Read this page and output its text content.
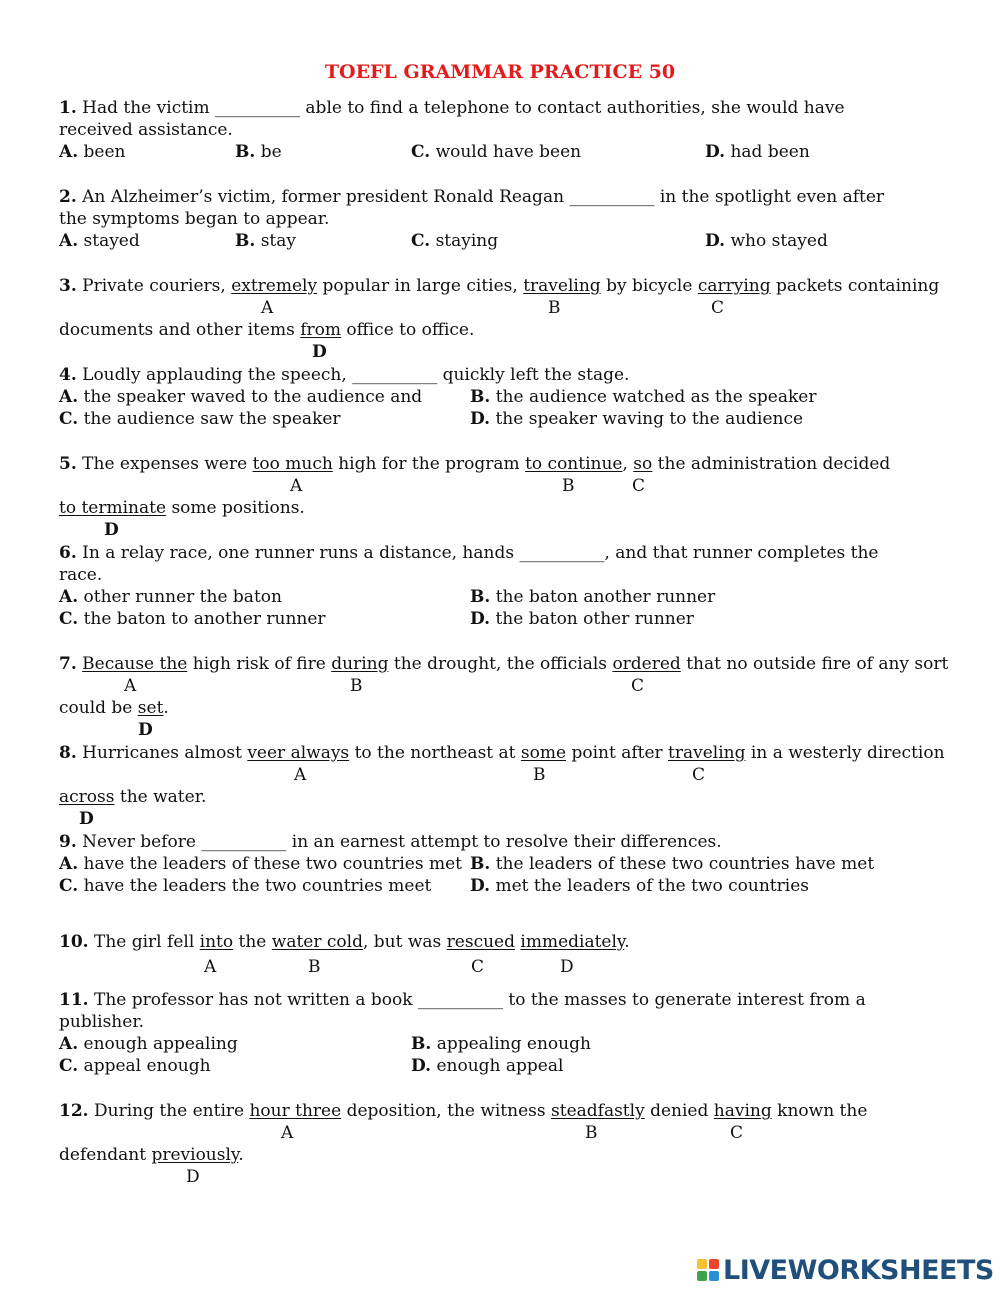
TOEFL GRAMMAR PRACTICE 50
1. Had the victim __________ able to find a telephone to contact authorities, she would have
received assistance.
A. been	B. be	C. would have been	D. had been
2. An Alzheimer’s victim, former president Ronald Reagan __________ in the spotlight even after
the symptoms began to appear.
A. stayed	B. stay	C. staying	D. who stayed
3. Private couriers, extremely popular in large cities, traveling by bicycle carrying packets containing
A	B	C
documents and other items from office to office.
D
4. Loudly applauding the speech, __________ quickly left the stage.
A. the speaker waved to the audience and	B. the audience watched as the speaker
C. the audience saw the speaker	D. the speaker waving to the audience
5. The expenses were too much high for the program to continue, so the administration decided
A	B	C
to terminate some positions.
D
6. In a relay race, one runner runs a distance, hands __________, and that runner completes the
race.
A. other runner the baton	B. the baton another runner
C. the baton to another runner	D. the baton other runner
7. Because the high risk of fire during the drought, the officials ordered that no outside fire of any sort
A	B	C
could be set.
D
8. Hurricanes almost veer always to the northeast at some point after traveling in a westerly direction
A	B	C
across the water.
D
9. Never before __________ in an earnest attempt to resolve their differences.
A. have the leaders of these two countries met B. the leaders of these two countries have met
C. have the leaders the two countries meet D. met the leaders of the two countries
10. The girl fell into the water cold, but was rescued immediately.
A	B	C	D
11. The professor has not written a book __________ to the masses to generate interest from a
publisher.
A. enough appealing	B. appealing enough
C. appeal enough	D. enough appeal
12. During the entire hour three deposition, the witness steadfastly denied having known the
A	B	C
defendant previously.
D
LIVEWORKSHEETS
